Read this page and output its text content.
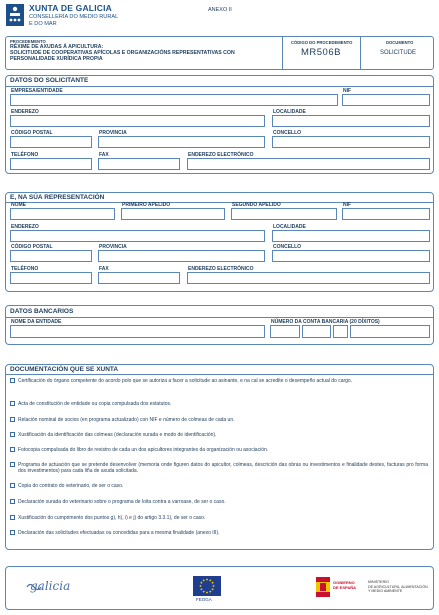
XUNTA DE GALICIA
CONSELLERÍA DO MEDIO RURAL
E DO MAR
ANEXO II
PROCEDEMENTO
RÉXIME DE AXUDAS Á APICULTURA:
SOLICITUDE DE COOPERATIVAS APÍCOLAS E ORGANIZACIÓNS REPRESENTATIVAS CON
PERSONALIDADE XURÍDICA PROPIA
CÓDIGO DO PROCEDEMENTO
MR506B
DOCUMENTO
SOLICITUDE
DATOS DO SOLICITANTE
EMPRESA/ENTIDADE	NIF
ENDEREZO	LOCALIDADE
CÓDIGO POSTAL	PROVINCIA	CONCELLO
TELÉFONO	FAX	ENDEREZO ELECTRÓNICO
E, NA SÚA REPRESENTACIÓN
NOME	PRIMEIRO APELIDO	SEGUNDO APELIDO	NIF
ENDEREZO	LOCALIDADE
CÓDIGO POSTAL	PROVINCIA	CONCELLO
TELÉFONO	FAX	ENDEREZO ELECTRÓNICO
DATOS BANCARIOS
NOME DA ENTIDADE	NÚMERO DA CONTA BANCARIA (20 DÍXITOS)
DOCUMENTACIÓN QUE SE XUNTA
Certificación do órgano competente do acordo polo que se autoriza a facer a solicitude ao asinante, e na cal se acredite o desempeño actual do cargo.
Acta de constitución de entidade ou copia compulsada dos estatutos.
Relación nominal de socios (en programa actualizado) con NIF e número de colmeas de cada un.
Xustificación da identificación das colmeas (declaración xurada e modo de identificación).
Fotocopia compulsada do libro de rexistro de cada un dos apicultores integrantes da organización ou asociación.
Programa de actuación que se pretende desenvolver (memoria onde figuren datos do apicultor, colmeas, descrición das obras ou investimentos e finalidade destes, facturas pro forma dos investimentos) para cada liña de axuda solicitada.
Copia do contrato do veterinario, de ser o caso.
Declaración xurada do veterinario sobre o programa de loita contra a varroase, de ser o caso.
Xustificación do cumprimento dos puntos g), h), i) e j) do artigo 3.3.1), de ser o caso.
Declaración das solicitudes efectuadas ou concedidas para a mesma finalidade (anexo III).
galicia
FEOGA
GOBIERNO
DE ESPAÑA
MINISTERIO
DE AGRICULTURA, ALIMENTACIÓN
Y MEDIO AMBIENTE
